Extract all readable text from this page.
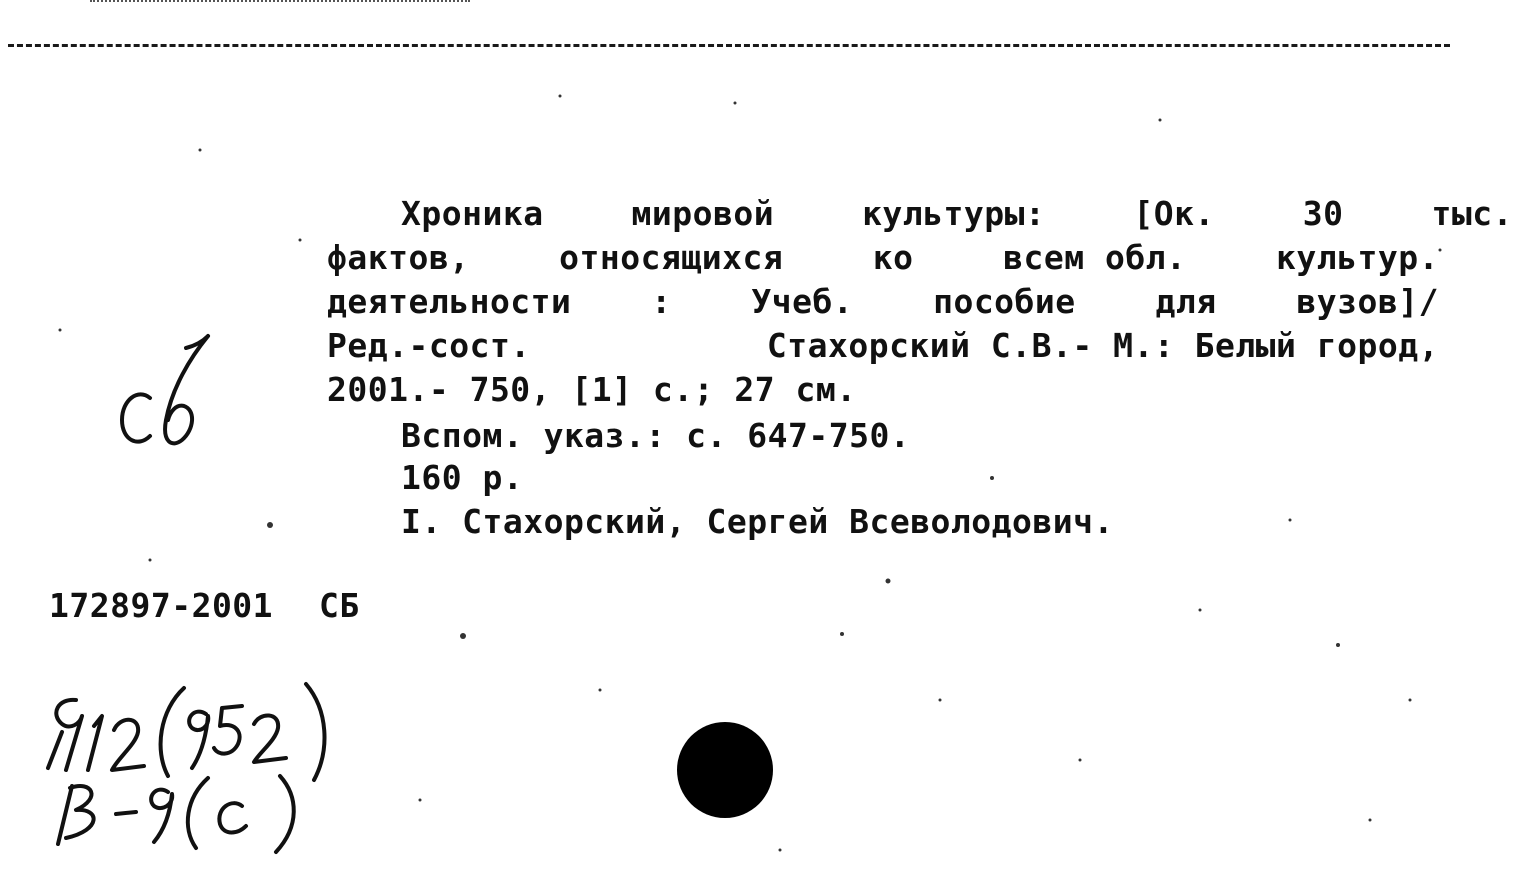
Хроника	мировой	культуры:	[Ок.	30	тыс.
фактов,	относящихся	ко	всем обл.	культур.
деятельности : Учеб. пособие для вузов]/
Ред.-сост.	Стахорский С.В.- М.: Белый город,
2001.- 750, [1] с.; 27 см.
Вспом. указ.: с. 647-750.
160 р.
I. Стахорский, Сергей Всеволодович.
172897-2001 СБ
